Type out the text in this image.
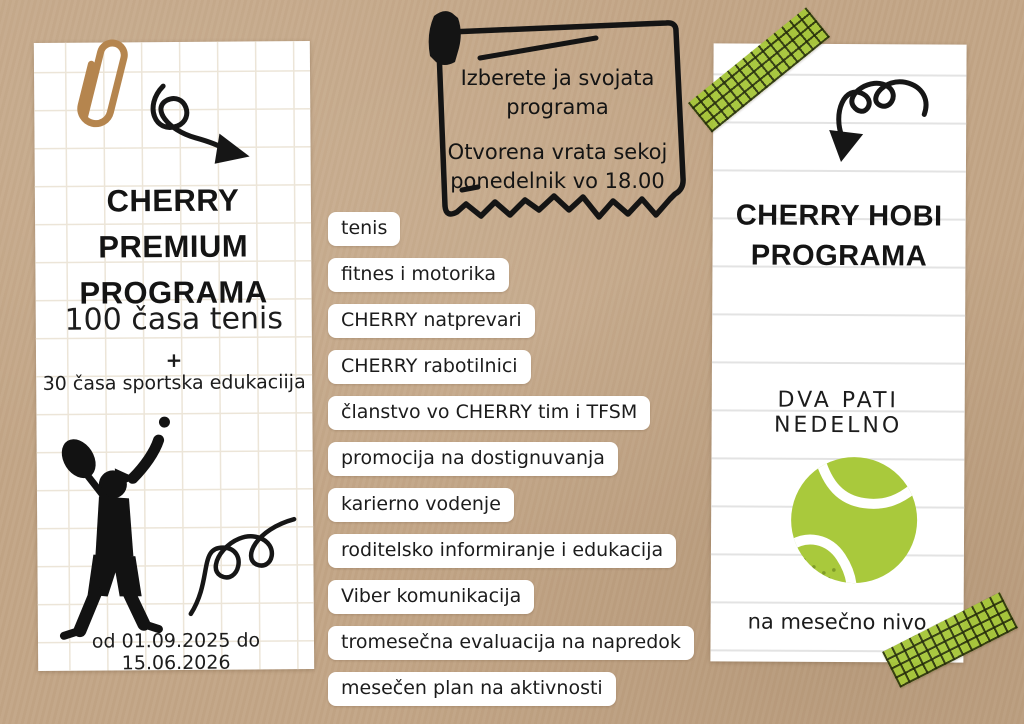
CHERRY PREMIUM
PROGRAMA
100 časa tenis
+
30 časa sportska edukaciija
od 01.09.2025 do 15.06.2026
Izberete ja svojata
programa
Otvorena vrata sekoj
ponedelnik vo 18.00
tenis
fitnes i motorika
CHERRY natprevari
CHERRY rabotilnici
članstvo vo CHERRY tim i TFSM
promocija na dostignuvanja
karierno vodenje
roditelsko informiranje i edukacija
Viber komunikacija
tromesečna evaluacija na napredok
mesečen plan na aktivnosti
CHERRY HOBI
PROGRAMA
DVA PATI NEDELNO
na mesečno nivo
